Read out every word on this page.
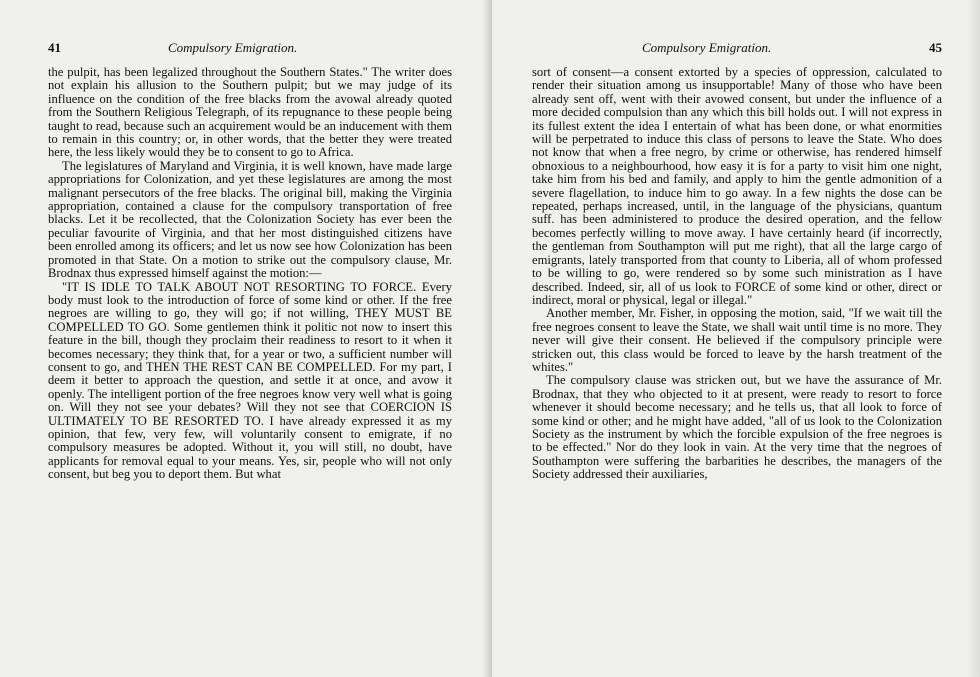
41	Compulsory Emigration.

the pulpit, has been legalized throughout the Southern States." The writer does not explain his allusion to the Southern pulpit; but we may judge of its influence on the condition of the free blacks from the avowal already quoted from the Southern Religious Telegraph, of its repugnance to these people being taught to read, because such an acquirement would be an inducement with them to remain in this country; or, in other words, that the better they were treated here, the less likely would they be to consent to go to Africa.

The legislatures of Maryland and Virginia, it is well known, have made large appropriations for Colonization, and yet these legislatures are among the most malignant persecutors of the free blacks. The original bill, making the Virginia appropriation, contained a clause for the compulsory transportation of free blacks. Let it be recollected, that the Colonization Society has ever been the peculiar favourite of Virginia, and that her most distinguished citizens have been enrolled among its officers; and let us now see how Colonization has been promoted in that State. On a motion to strike out the compulsory clause, Mr. Brodnax thus expressed himself against the motion:—

"IT IS IDLE TO TALK ABOUT NOT RESORTING TO FORCE. Every body must look to the introduction of force of some kind or other. If the free negroes are willing to go, they will go; if not willing, THEY MUST BE COMPELLED TO GO. Some gentlemen think it politic not now to insert this feature in the bill, though they proclaim their readiness to resort to it when it becomes necessary; they think that, for a year or two, a sufficient number will consent to go, and THEN THE REST CAN BE COMPELLED. For my part, I deem it better to approach the question, and settle it at once, and avow it openly. The intelligent portion of the free negroes know very well what is going on. Will they not see your debates? Will they not see that COERCION IS ULTIMATELY TO BE RESORTED TO. I have already expressed it as my opinion, that few, very few, will voluntarily consent to emigrate, if no compulsory measures be adopted. Without it, you will still, no doubt, have applicants for removal equal to your means. Yes, sir, people who will not only consent, but beg you to deport them. But what

Compulsory Emigration.	45

sort of consent—a consent extorted by a species of oppression, calculated to render their situation among us insupportable! Many of those who have been already sent off, went with their avowed consent, but under the influence of a more decided compulsion than any which this bill holds out. I will not express in its fullest extent the idea I entertain of what has been done, or what enormities will be perpetrated to induce this class of persons to leave the State. Who does not know that when a free negro, by crime or otherwise, has rendered himself obnoxious to a neighbourhood, how easy it is for a party to visit him one night, take him from his bed and family, and apply to him the gentle admonition of a severe flagellation, to induce him to go away. In a few nights the dose can be repeated, perhaps increased, until, in the language of the physicians, quantum suff. has been administered to produce the desired operation, and the fellow becomes perfectly willing to move away. I have certainly heard (if incorrectly, the gentleman from Southampton will put me right), that all the large cargo of emigrants, lately transported from that county to Liberia, all of whom professed to be willing to go, were rendered so by some such ministration as I have described. Indeed, sir, all of us look to FORCE of some kind or other, direct or indirect, moral or physical, legal or illegal."

Another member, Mr. Fisher, in opposing the motion, said, "If we wait till the free negroes consent to leave the State, we shall wait until time is no more. They never will give their consent. He believed if the compulsory principle were stricken out, this class would be forced to leave by the harsh treatment of the whites."

The compulsory clause was stricken out, but we have the assurance of Mr. Brodnax, that they who objected to it at present, were ready to resort to force whenever it should become necessary; and he tells us, that all look to force of some kind or other; and he might have added, "all of us look to the Colonization Society as the instrument by which the forcible expulsion of the free negroes is to be effected." Nor do they look in vain. At the very time that the negroes of Southampton were suffering the barbarities he describes, the managers of the Society addressed their auxiliaries,
